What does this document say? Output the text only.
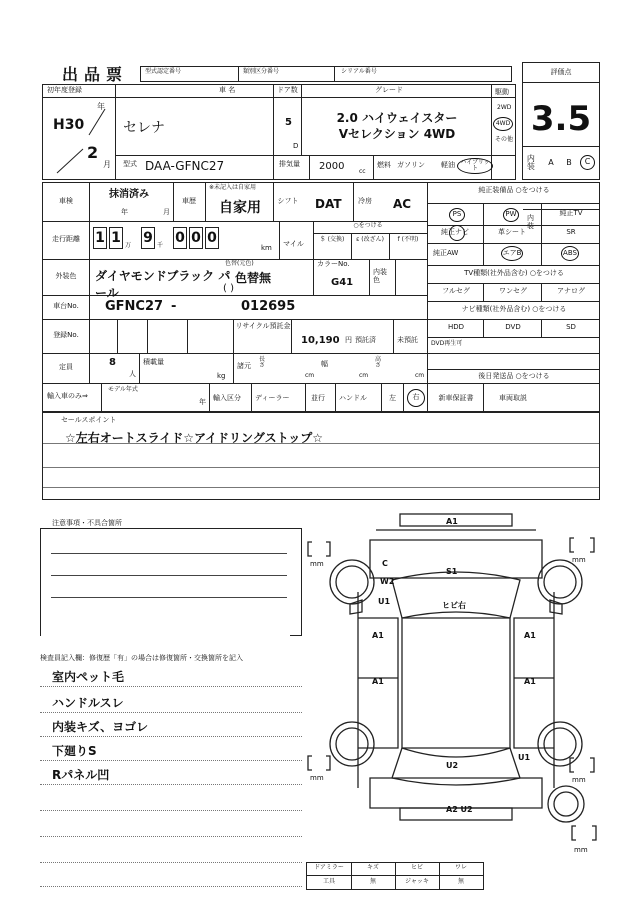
出品票	型式認定番号	類別区分番号	シリアル番号	評価点
3.5
内装
内装	A	B	C
初年度登録	車 名	ドア数	グレード
年
H30
2
月
セレナ	5
D
2.0 ハイウェイスター
Vセレクション 4WD
駆動
2WD
4WD
その他
型式 DAA-GFNC27	排気量 2000 cc
燃料 ガソリン 軽油 ハイブリット
車検
抹消済み
年	月
車歴
※未記入は自家用
自家用	シフト	DAT	冷房	AC
走行距離	1 1 万 9 千 0 0 0
km マイル
○をつける
＄ (交換)	ε (改ざん)	f (不明)
外装色	ダイヤモンドブラック パール
色替(元色)
色替無
( )
カラーNo.
G41
内装色
車台No.	GFNC27 -	012695
登録No.
リサイクル預託金
10,190 円 預託済	未預託
定員	8
人
積載量
kg
諸元
長さ
cm
幅
cm
高さ
cm
輸入車のみ⇒
モデル年式
年 輸入区分 ディーラー	並行 ハンドル	左	右
純正装備品 ○をつける
PS	PW	純正TV
純正ナビ	革シート	SR
純正AW	エアB	ABS
TV種類(社外品含む) ○をつける
フルセグ	ワンセグ	アナログ
ナビ種類(社外品含む) ○をつける
HDD	DVD	SD
DVD再生可
後日発送品 ○をつける
新車保証書	車両取説
セールスポイント
☆左右オートスライド☆アイドリングストップ☆
注意事項・不具合箇所
検査員記入欄：修復歴「有」の場合は修復箇所・交換箇所を記入
室内ペット毛
ハンドルスレ
内装キズ、ヨゴレ
下廻りS
Rパネル凹
mm	mm
mm	mm
mm
A1
S1
C
W2
U1	ヒビ右
A1	A1
A1	A1
U2
U1
A2 U2
ドアミラー	キズ	ヒビ	ワレ
工具	無	ジャッキ	無
